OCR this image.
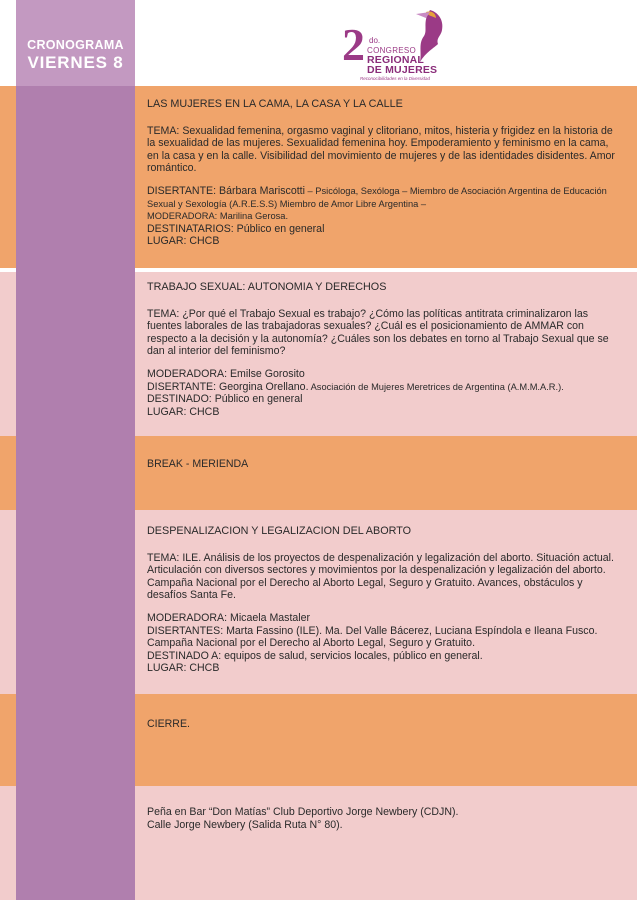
2 do.
CONGRESO
REGIONAL
DE MUJERES
Reconocibilidades en la Diversidad
CRONOGRAMA
VIERNES 8
LAS MUJERES EN LA CAMA, LA CASA Y LA CALLE

TEMA: Sexualidad femenina, orgasmo vaginal y clitoriano, mitos, histeria y frigidez en la historia de la sexualidad de las mujeres. Sexualidad femenina hoy. Empoderamiento y feminismo en la cama, en la casa y en la calle. Visibilidad del movimiento de mujeres y de las identidades disidentes. Amor romántico.

DISERTANTE: Bárbara Mariscotti – Psicóloga, Sexóloga – Miembro de Asociación Argentina de Educación Sexual y Sexología (A.R.E.S.S) Miembro de Amor Libre Argentina –
MODERADORA: Marilina Gerosa.
DESTINATARIOS: Público en general
LUGAR: CHCB
TRABAJO SEXUAL: AUTONOMIA Y DERECHOS

TEMA: ¿Por qué el Trabajo Sexual es trabajo? ¿Cómo las políticas antitrata criminalizaron las fuentes laborales de las trabajadoras sexuales? ¿Cuál es el posicionamiento de AMMAR con respecto a la decisión y la autonomía? ¿Cuáles son los debates en torno al Trabajo Sexual que se dan al interior del feminismo?

MODERADORA: Emilse Gorosito
DISERTANTE: Georgina Orellano. Asociación de Mujeres Meretrices de Argentina (A.M.M.A.R.).
DESTINADO: Público en general
LUGAR: CHCB
BREAK - MERIENDA
DESPENALIZACION Y LEGALIZACION DEL ABORTO

TEMA: ILE. Análisis de los proyectos de despenalización y legalización del aborto. Situación actual. Articulación con diversos sectores y movimientos por la despenalización y legalización del aborto. Campaña Nacional por el Derecho al Aborto Legal, Seguro y Gratuito. Avances, obstáculos y desafíos Santa Fe.

MODERADORA: Micaela Mastaler
DISERTANTES: Marta Fassino (ILE). Ma. Del Valle Bácerez, Luciana Espíndola e Ileana Fusco. Campaña Nacional por el Derecho al Aborto Legal, Seguro y Gratuito.
DESTINADO A: equipos de salud, servicios locales, público en general.
LUGAR: CHCB
CIERRE.
Peña en Bar “Don Matías” Club Deportivo Jorge Newbery (CDJN).
Calle Jorge Newbery (Salida Ruta N° 80).
